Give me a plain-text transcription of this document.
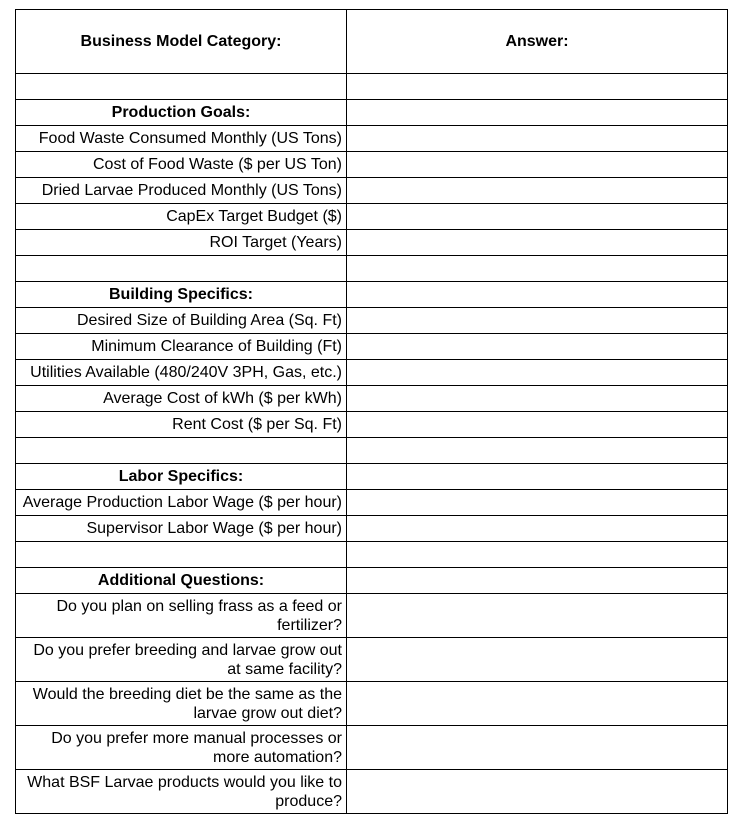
Business Model Category:	Answer:

Production Goals:	
Food Waste Consumed Monthly (US Tons)	
Cost of Food Waste ($ per US Ton)	
Dried Larvae Produced Monthly (US Tons)	
CapEx Target Budget ($)	
ROI Target (Years)	

Building Specifics:	
Desired Size of Building Area (Sq. Ft)	
Minimum Clearance of Building (Ft)	
Utilities Available (480/240V 3PH, Gas, etc.)	
Average Cost of kWh ($ per kWh)	
Rent Cost ($ per Sq. Ft)	

Labor Specifics:	
Average Production Labor Wage ($ per hour)	
Supervisor Labor Wage ($ per hour)	

Additional Questions:	
Do you plan on selling frass as a feed or fertilizer?	
Do you prefer breeding and larvae grow out at same facility?	
Would the breeding diet be the same as the larvae grow out diet?	
Do you prefer more manual processes or more automation?	
What BSF Larvae products would you like to produce?	
